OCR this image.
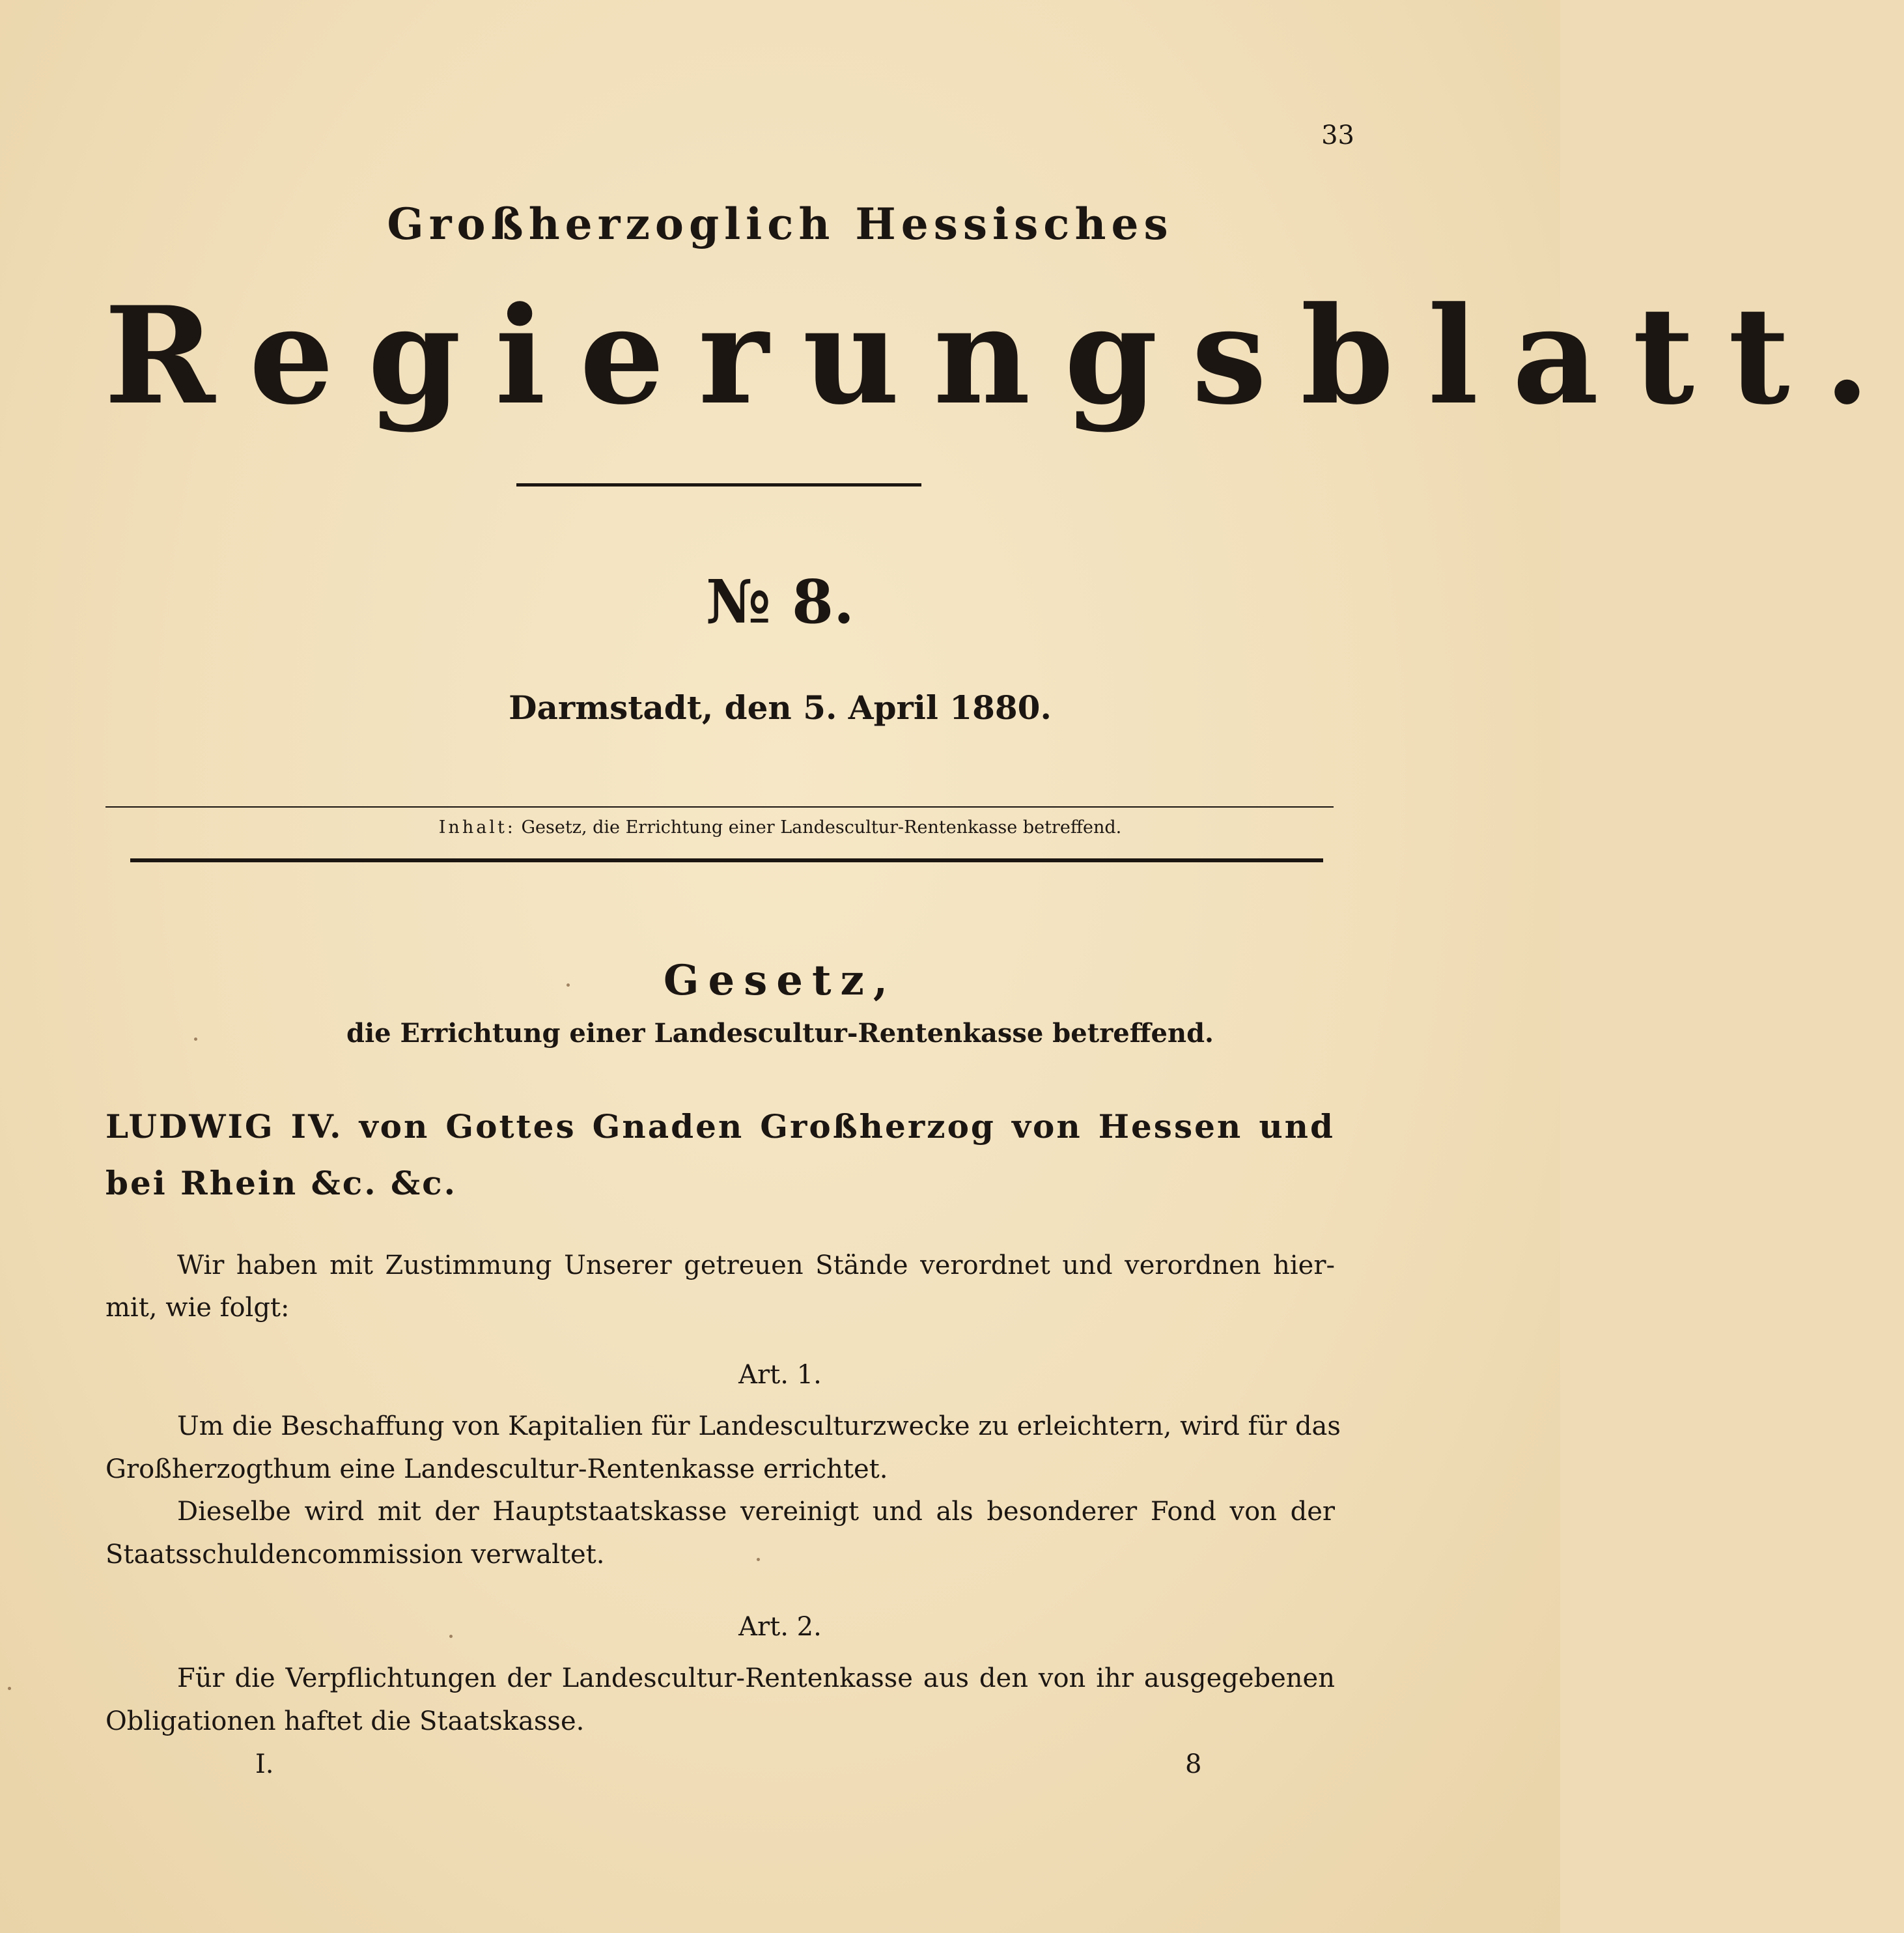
33
Großherzoglich Hessisches
Regierungsblatt.
№ 8.
Darmstadt, den 5. April 1880.
Inhalt: Gesetz, die Errichtung einer Landescultur-Rentenkasse betreffend.
Gesetz,
die Errichtung einer Landescultur-Rentenkasse betreffend.
LUDWIG IV. von Gottes Gnaden Großherzog von Hessen und
bei Rhein &c. &c.
Wir haben mit Zustimmung Unserer getreuen Stände verordnet und verordnen hier-
mit, wie folgt:
Art. 1.
Um die Beschaffung von Kapitalien für Landesculturzwecke zu erleichtern, wird für das
Großherzogthum eine Landescultur-Rentenkasse errichtet.
Dieselbe wird mit der Hauptstaatskasse vereinigt und als besonderer Fond von der
Staatsschuldencommission verwaltet.
Art. 2.
Für die Verpflichtungen der Landescultur-Rentenkasse aus den von ihr ausgegebenen
Obligationen haftet die Staatskasse.
I.	8
